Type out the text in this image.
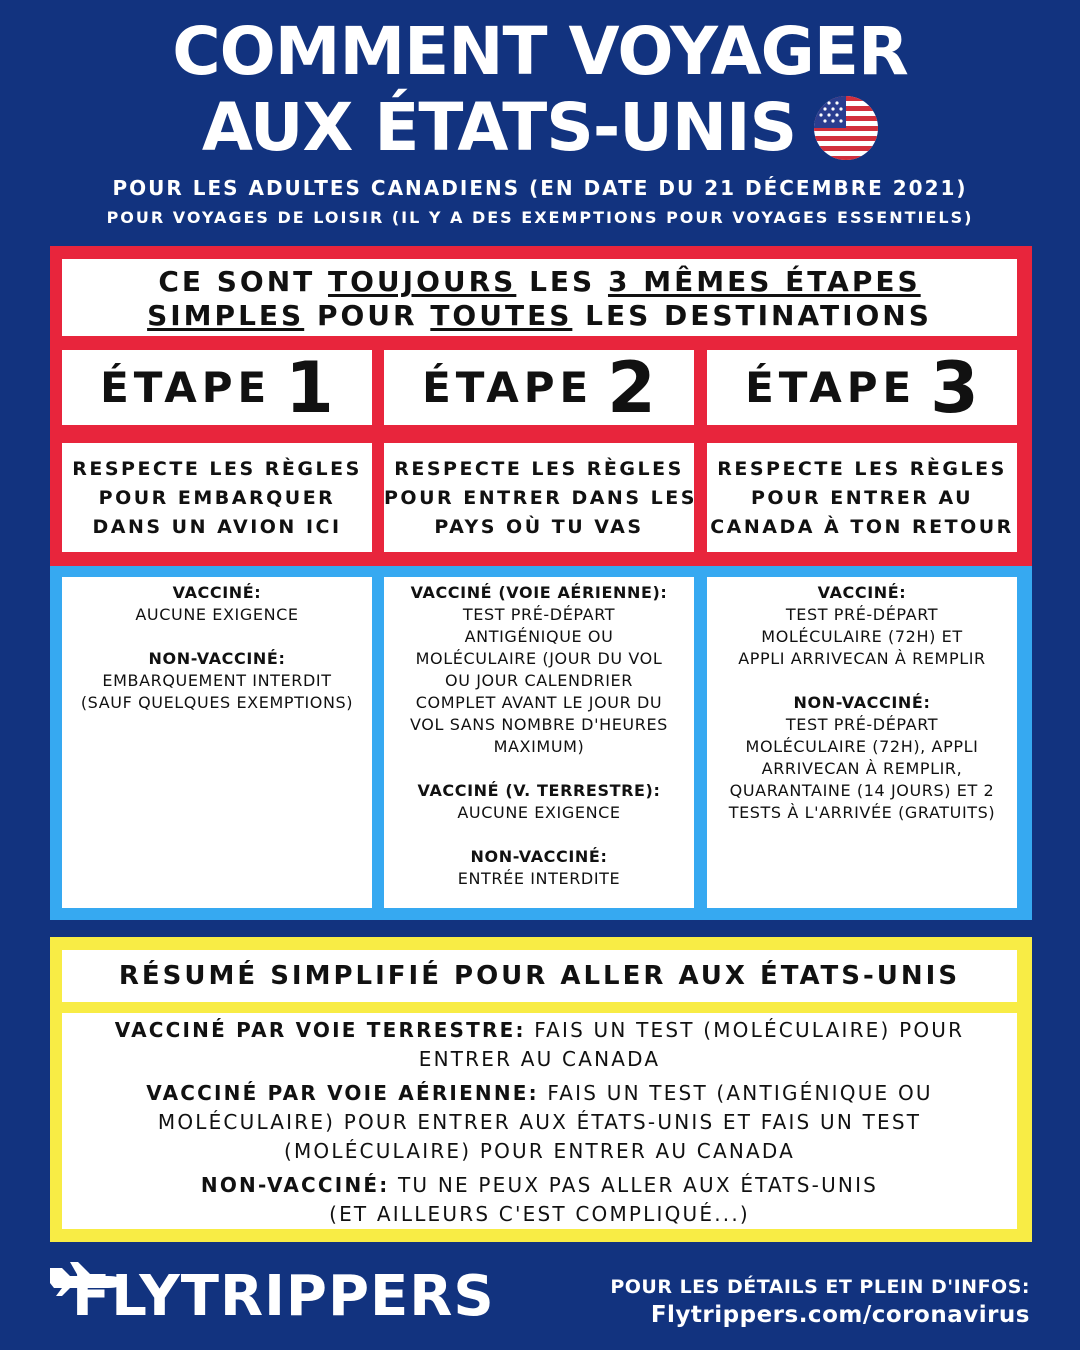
COMMENT VOYAGER
AUX ÉTATS-UNIS
POUR LES ADULTES CANADIENS (EN DATE DU 21 DÉCEMBRE 2021)
POUR VOYAGES DE LOISIR (IL Y A DES EXEMPTIONS POUR VOYAGES ESSENTIELS)
CE SONT TOUJOURS LES 3 MÊMES ÉTAPES
SIMPLES POUR TOUTES LES DESTINATIONS
ÉTAPE 1 ÉTAPE 2 ÉTAPE 3
RESPECTE LES RÈGLES
POUR EMBARQUER
DANS UN AVION ICI
RESPECTE LES RÈGLES
POUR ENTRER DANS LES
PAYS OÙ TU VAS
RESPECTE LES RÈGLES
POUR ENTRER AU
CANADA À TON RETOUR
VACCINÉ:
AUCUNE EXIGENCE
NON-VACCINÉ:
EMBARQUEMENT INTERDIT
(SAUF QUELQUES EXEMPTIONS)
VACCINÉ (VOIE AÉRIENNE):
TEST PRÉ-DÉPART
ANTIGÉNIQUE OU
MOLÉCULAIRE (JOUR DU VOL
OU JOUR CALENDRIER
COMPLET AVANT LE JOUR DU
VOL SANS NOMBRE D'HEURES
MAXIMUM)
VACCINÉ (V. TERRESTRE):
AUCUNE EXIGENCE
NON-VACCINÉ:
ENTRÉE INTERDITE
VACCINÉ:
TEST PRÉ-DÉPART
MOLÉCULAIRE (72H) ET
APPLI ARRIVECAN À REMPLIR
NON-VACCINÉ:
TEST PRÉ-DÉPART
MOLÉCULAIRE (72H), APPLI
ARRIVECAN À REMPLIR,
QUARANTAINE (14 JOURS) ET 2
TESTS À L'ARRIVÉE (GRATUITS)
RÉSUMÉ SIMPLIFIÉ POUR ALLER AUX ÉTATS-UNIS

VACCINÉ PAR VOIE TERRESTRE: FAIS UN TEST (MOLÉCULAIRE) POUR
ENTRER AU CANADA

VACCINÉ PAR VOIE AÉRIENNE: FAIS UN TEST (ANTIGÉNIQUE OU
MOLÉCULAIRE) POUR ENTRER AUX ÉTATS-UNIS ET FAIS UN TEST
(MOLÉCULAIRE) POUR ENTRER AU CANADA

NON-VACCINÉ: TU NE PEUX PAS ALLER AUX ÉTATS-UNIS
(ET AILLEURS C'EST COMPLIQUÉ...)

FLYTRIPPERS	POUR LES DÉTAILS ET PLEIN D'INFOS:
Flytrippers.com/coronavirus
